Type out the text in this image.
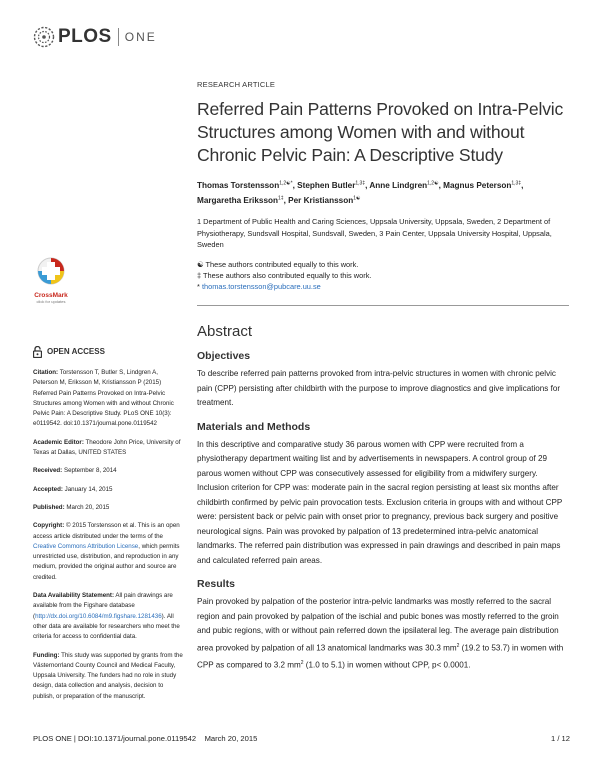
PLOS ONE
CrossMark
click for updates
OPEN ACCESS

Citation: Torstensson T, Butler S, Lindgren A, Peterson M, Eriksson M, Kristiansson P (2015) Referred Pain Patterns Provoked on Intra-Pelvic Structures among Women with and without Chronic Pelvic Pain: A Descriptive Study. PLoS ONE 10(3): e0119542. doi:10.1371/journal.pone.0119542

Academic Editor: Theodore John Price, University of Texas at Dallas, UNITED STATES

Received: September 8, 2014

Accepted: January 14, 2015

Published: March 20, 2015

Copyright: © 2015 Torstensson et al. This is an open access article distributed under the terms of the Creative Commons Attribution License, which permits unrestricted use, distribution, and reproduction in any medium, provided the original author and source are credited.

Data Availability Statement: All pain drawings are available from the Figshare database (http://dx.doi.org/10.6084/m9.figshare.1281436). All other data are available for researchers who meet the criteria for access to confidential data.

Funding: This study was supported by grants from the Västernorrland County Council and Medical Faculty, Uppsala University. The funders had no role in study design, data collection and analysis, decision to publish, or preparation of the manuscript.

RESEARCH ARTICLE
Referred Pain Patterns Provoked on Intra-Pelvic Structures among Women with and without Chronic Pelvic Pain: A Descriptive Study
Thomas Torstensson$^{1,2☯*}$, Stephen Butler$^{1,3\ddagger}$, Anne Lindgren$^{1,2☯}$, Magnus Peterson$^{1,3\ddagger}$, Margaretha Eriksson$^{1\ddagger}$, Per Kristiansson$^{1☯}$
1 Department of Public Health and Caring Sciences, Uppsala University, Uppsala, Sweden, 2 Department of Physiotherapy, Sundsvall Hospital, Sundsvall, Sweden, 3 Pain Center, Uppsala University Hospital, Uppsala, Sweden
☯ These authors contributed equally to this work.
‡ These authors also contributed equally to this work.
* thomas.torstensson@pubcare.uu.se
Abstract
Objectives
To describe referred pain patterns provoked from intra-pelvic structures in women with chronic pelvic pain (CPP) persisting after childbirth with the purpose to improve diagnostics and give implications for treatment.
Materials and Methods
In this descriptive and comparative study 36 parous women with CPP were recruited from a physiotherapy department waiting list and by advertisements in newspapers. A control group of 29 parous women without CPP was consecutively assessed for eligibility from a midwifery surgery. Inclusion criterion for CPP was: moderate pain in the sacral region persisting at least six months after childbirth confirmed by pelvic pain provocation tests. Exclusion criteria in groups with and without CPP were: persistent back or pelvic pain with onset prior to pregnancy, previous back surgery and positive neurological signs. Pain was provoked by palpation of 13 predetermined intra-pelvic anatomical landmarks. The referred pain distribution was expressed in pain drawings and described in pain maps and calculated referred pain areas.
Results
Pain provoked by palpation of the posterior intra-pelvic landmarks was mostly referred to the sacral region and pain provoked by palpation of the ischial and pubic bones was mostly referred to the groin and pubic regions, with or without pain referred down the ipsilateral leg. The average pain distribution area provoked by palpation of all 13 anatomical landmarks was 30.3 $mm^2$ (19.2 to 53.7) in women with CPP as compared to 3.2 $mm^2$ (1.0 to 5.1) in women without CPP, p< 0.0001.
PLOS ONE | DOI:10.1371/journal.pone.0119542 March 20, 2015	1 / 12
